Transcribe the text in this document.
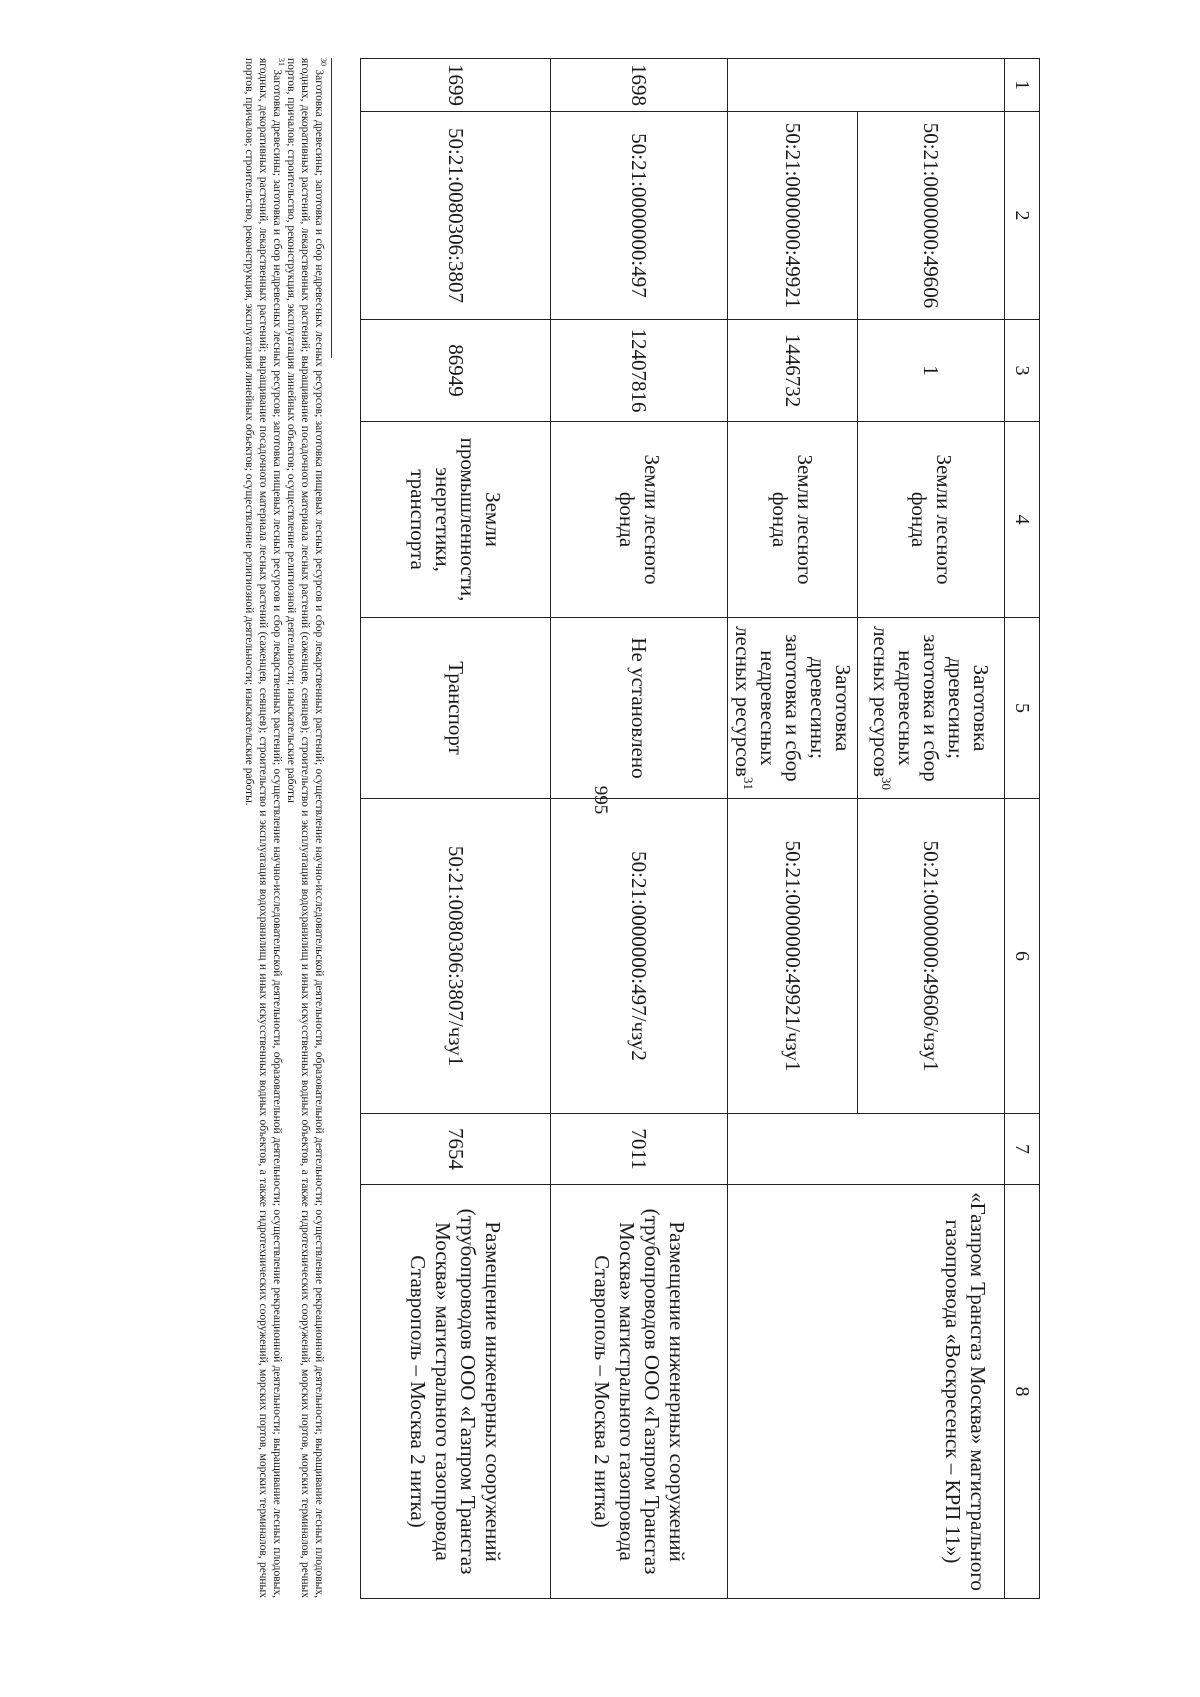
995
1	2	3	4	5	6	7	8
	50:21:0000000:49606	1	Земли лесного фонда	Заготовка древесины; заготовка и сбор недревесных лесных ресурсов$^{30}$	50:21:0000000:49606/чзу1		«Газпром Трансгаз Москва» магистрального газопровода «Воскресенск – КРП 11»)
	50:21:0000000:49921	1446732	Земли лесного фонда	Заготовка древесины; заготовка и сбор недревесных лесных ресурсов$^{31}$	50:21:0000000:49921/чзу1		
1698	50:21:0000000:497	12407816	Земли лесного фонда	Не установлено	50:21:0000000:497/чзу2	7011	Размещение инженерных сооружений (трубопроводов ООО «Газпром Трансгаз Москва» магистрального газопровода Ставрополь – Москва 2 нитка)
1699	50:21:0080306:3807	86949	Земли промышленности, энергетики, транспорта	Транспорт	50:21:0080306:3807/чзу1	7654	Размещение инженерных сооружений (трубопроводов ООО «Газпром Трансгаз Москва» магистрального газопровода Ставрополь – Москва 2 нитка)

$^{30}$ Заготовка древесины; заготовка и сбор недревесных лесных ресурсов; заготовка пищевых лесных ресурсов и сбор лекарственных растений; осуществление научно-исследовательской деятельности, образовательной деятельности; осуществление рекреационной деятельности; выращивание лесных плодовых, ягодных, декоративных растений, лекарственных растений; выращивание посадочного материала лесных растений (саженцев, сеянцев); строительство и эксплуатация водохранилищ и иных искусственных водных объектов, а также гидротехнических сооружений, морских портов, морских терминалов, речных портов, причалов; строительство, реконструкция, эксплуатация линейных объектов; осуществление религиозной деятельности; изыскательские работы

$^{31}$ Заготовка древесины; заготовка и сбор недревесных лесных ресурсов; заготовка пищевых лесных ресурсов и сбор лекарственных растений; осуществление научно-исследовательской деятельности, образовательной деятельности; осуществление рекреационной деятельности; выращивание лесных плодовых, ягодных, декоративных растений, лекарственных растений; выращивание посадочного материала лесных растений (саженцев, сеянцев); строительство и эксплуатация водохранилищ и иных искусственных водных объектов, а также гидротехнических сооружений, морских портов, морских терминалов, речных портов, причалов; строительство, реконструкция, эксплуатация линейных объектов; осуществление религиозной деятельности; изыскательские работы.
